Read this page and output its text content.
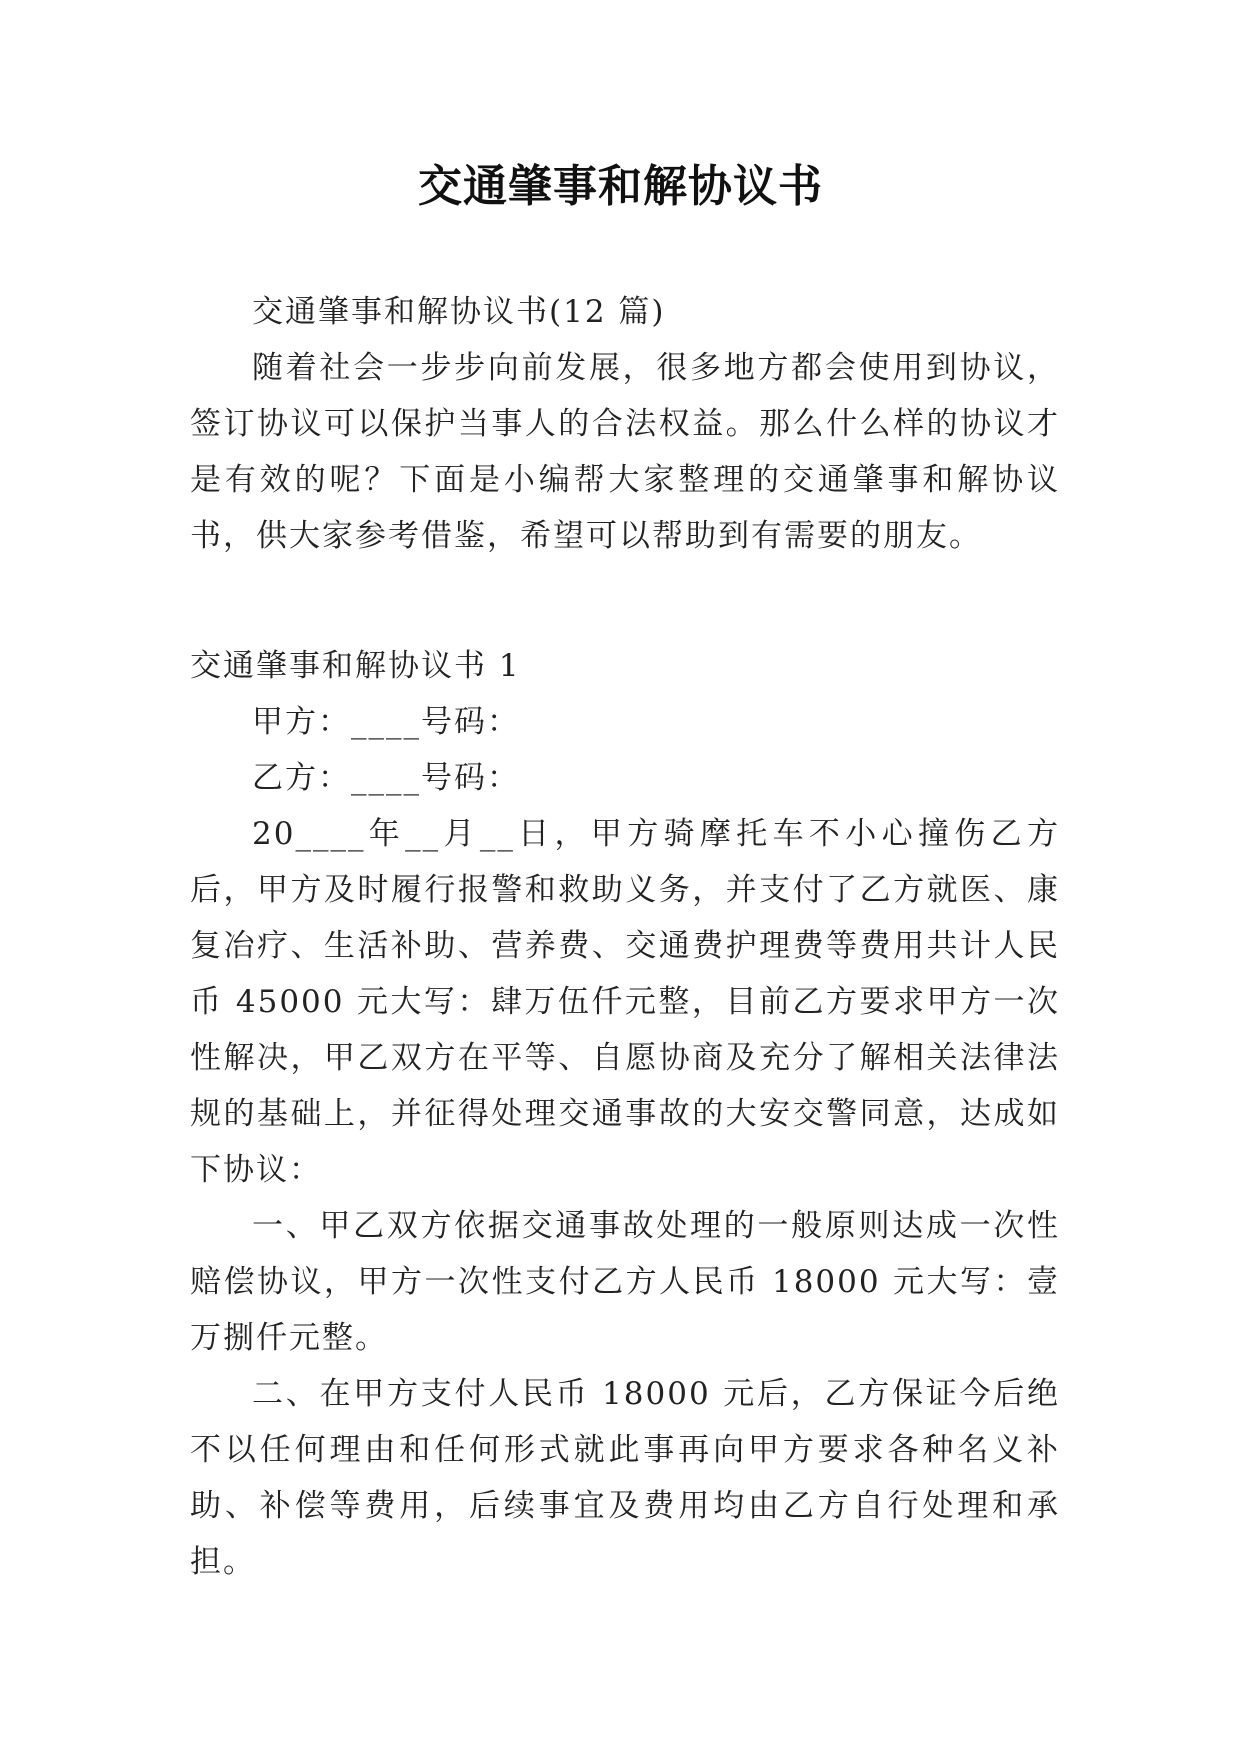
交通肇事和解协议书

交通肇事和解协议书(12 篇)

随着社会一步步向前发展，很多地方都会使用到协议，签订协议可以保护当事人的合法权益。那么什么样的协议才是有效的呢？下面是小编帮大家整理的交通肇事和解协议书，供大家参考借鉴，希望可以帮助到有需要的朋友。

交通肇事和解协议书 1

甲方：____号码：

乙方：____号码：

20____年__月__日，甲方骑摩托车不小心撞伤乙方后，甲方及时履行报警和救助义务，并支付了乙方就医、康复冶疗、生活补助、营养费、交通费护理费等费用共计人民币 45000 元大写：肆万伍仟元整，目前乙方要求甲方一次性解决，甲乙双方在平等、自愿协商及充分了解相关法律法规的基础上，并征得处理交通事故的大安交警同意，达成如下协议：

一、甲乙双方依据交通事故处理的一般原则达成一次性赔偿协议，甲方一次性支付乙方人民币 18000 元大写：壹万捌仟元整。

二、在甲方支付人民币 18000 元后，乙方保证今后绝不以任何理由和任何形式就此事再向甲方要求各种名义补助、补偿等费用，后续事宜及费用均由乙方自行处理和承担。
